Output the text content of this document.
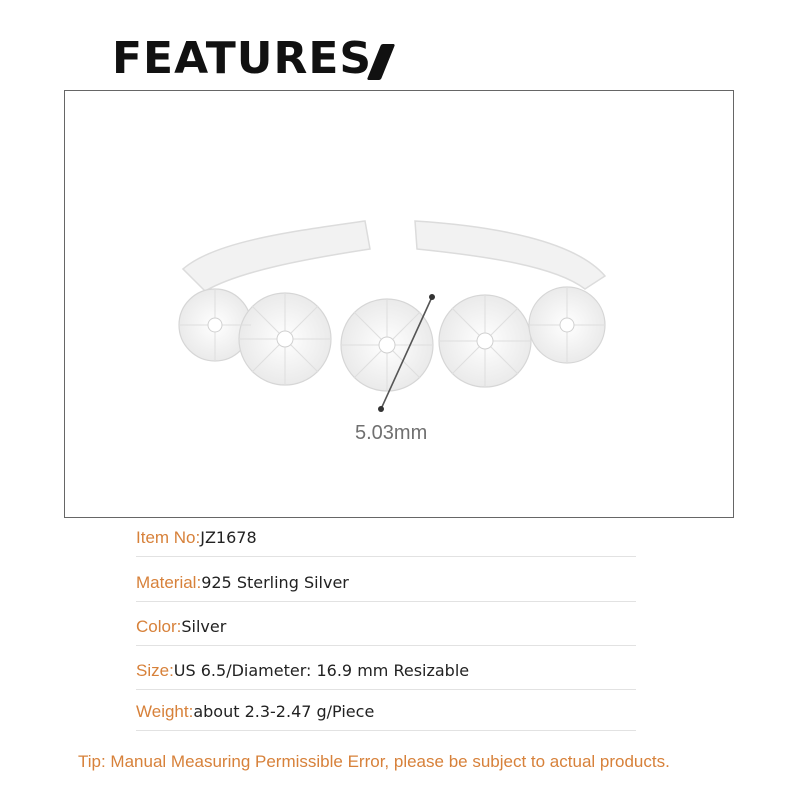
FEATURES
5.03mm
Item No:JZ1678
Material:925 Sterling Silver
Color:Silver
Size:US 6.5/Diameter: 16.9 mm Resizable
Weight:about 2.3-2.47 g/Piece
Tip: Manual Measuring Permissible Error, please be subject to actual products.
